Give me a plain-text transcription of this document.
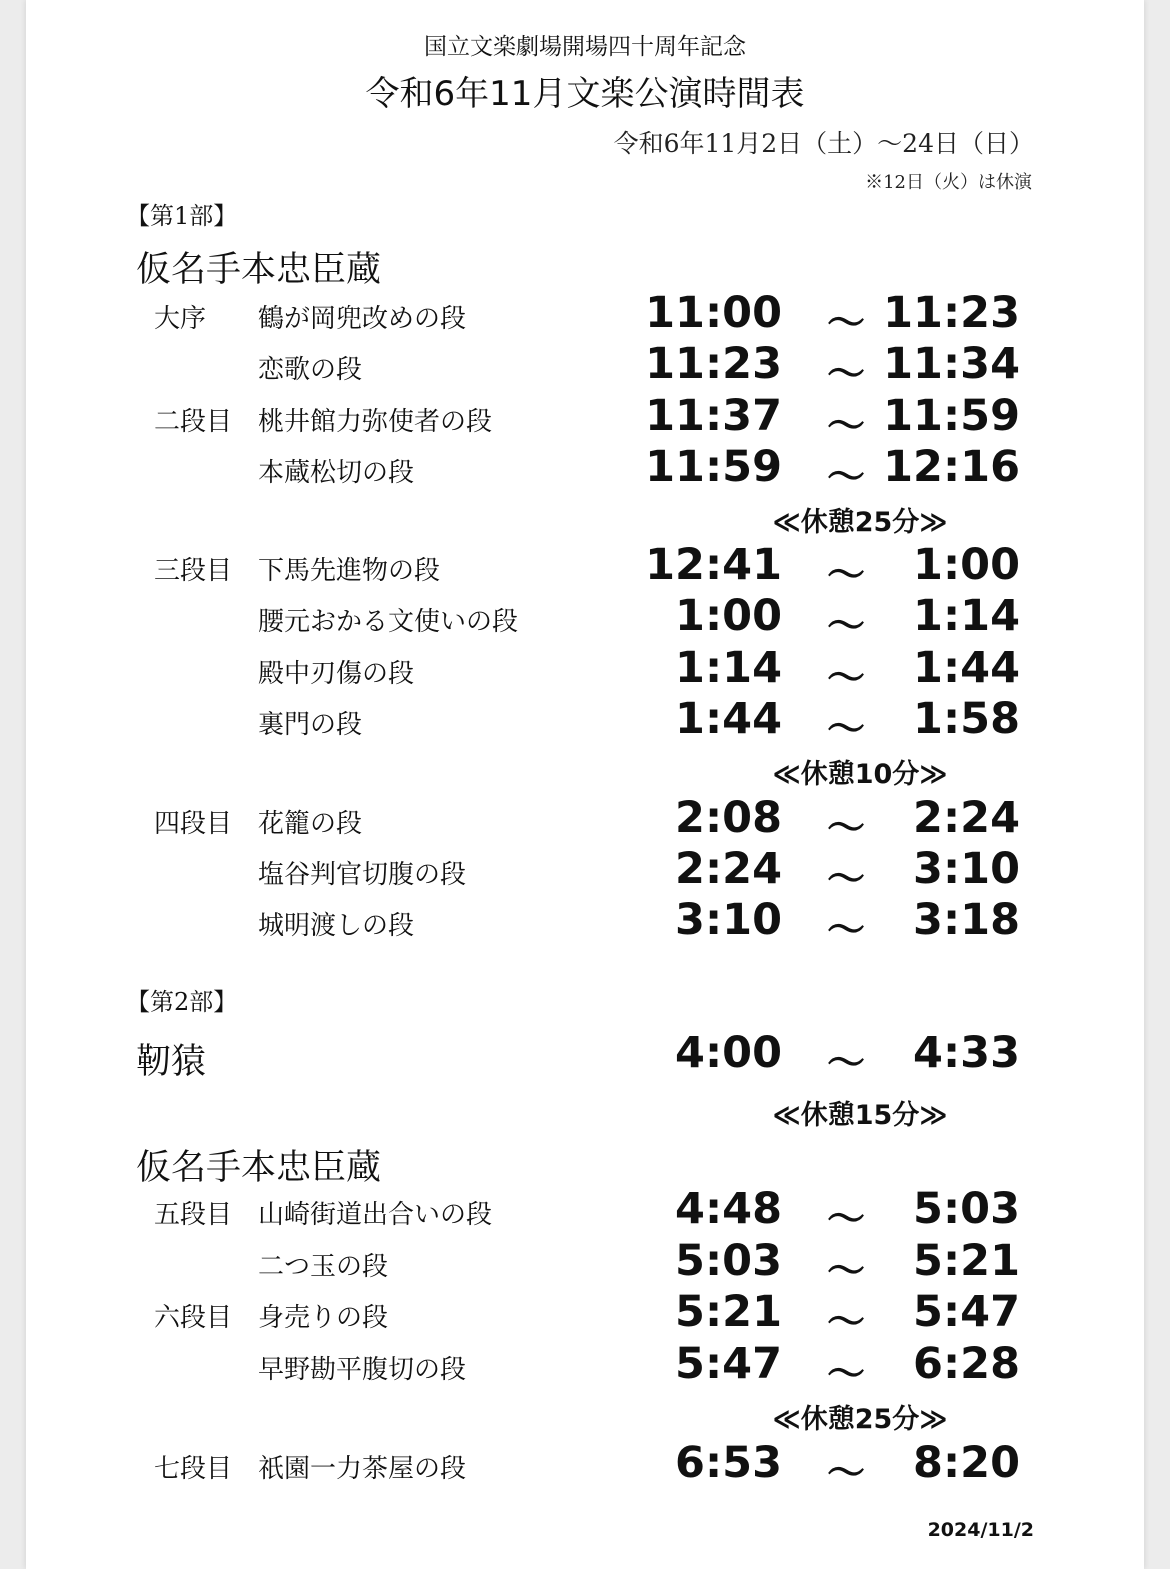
国立文楽劇場開場四十周年記念
令和6年11月文楽公演時間表
令和6年11月2日（土）〜24日（日）
※12日（火）は休演
【第1部】
仮名手本忠臣蔵
大序 鶴が岡兜改めの段	11:00 〜 11:23
恋歌の段	11:23 〜 11:34
二段目 桃井館力弥使者の段	11:37 〜 11:59
本蔵松切の段	11:59 〜 12:16
≪休憩25分≫
三段目 下馬先進物の段	12:41 〜 1:00
腰元おかる文使いの段	1:00 〜 1:14
殿中刃傷の段	1:14 〜 1:44
裏門の段	1:44 〜 1:58
≪休憩10分≫
四段目 花籠の段	2:08 〜 2:24
塩谷判官切腹の段	2:24 〜 3:10
城明渡しの段	3:10 〜 3:18
【第2部】
靭猿	4:00 〜 4:33
≪休憩15分≫
仮名手本忠臣蔵
五段目 山崎街道出合いの段	4:48 〜 5:03
二つ玉の段	5:03 〜 5:21
六段目 身売りの段	5:21 〜 5:47
早野勘平腹切の段	5:47 〜 6:28
≪休憩25分≫
七段目 祇園一力茶屋の段	6:53 〜 8:20
2024/11/2
